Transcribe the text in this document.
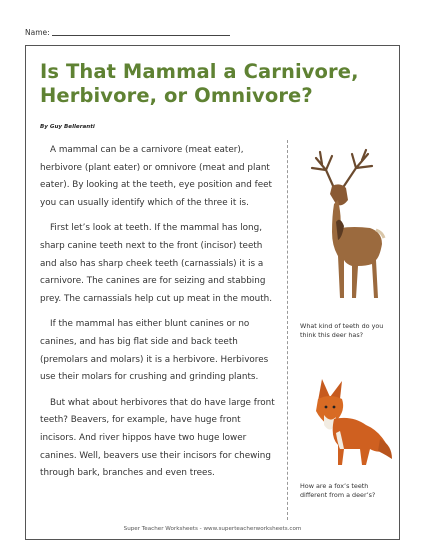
Name:
Is That Mammal a Carnivore, Herbivore, or Omnivore?
By Guy Belleranti

A mammal can be a carnivore (meat eater), herbivore (plant eater) or omnivore (meat and plant eater). By looking at the teeth, eye position and feet you can usually identify which of the three it is.

First let’s look at teeth. If the mammal has long, sharp canine teeth next to the front (incisor) teeth and also has sharp cheek teeth (carnassials) it is a carnivore. The canines are for seizing and stabbing prey. The carnassials help cut up meat in the mouth.

If the mammal has either blunt canines or no canines, and has big flat side and back teeth (premolars and molars) it is a herbivore. Herbivores use their molars for crushing and grinding plants.

But what about herbivores that do have large front teeth? Beavers, for example, have huge front incisors. And river hippos have two huge lower canines. Well, beavers use their incisors for chewing through bark, branches and even trees.

What kind of teeth do you think this deer has?
How are a fox’s teeth different from a deer’s?
Super Teacher Worksheets - www.superteacherworksheets.com
